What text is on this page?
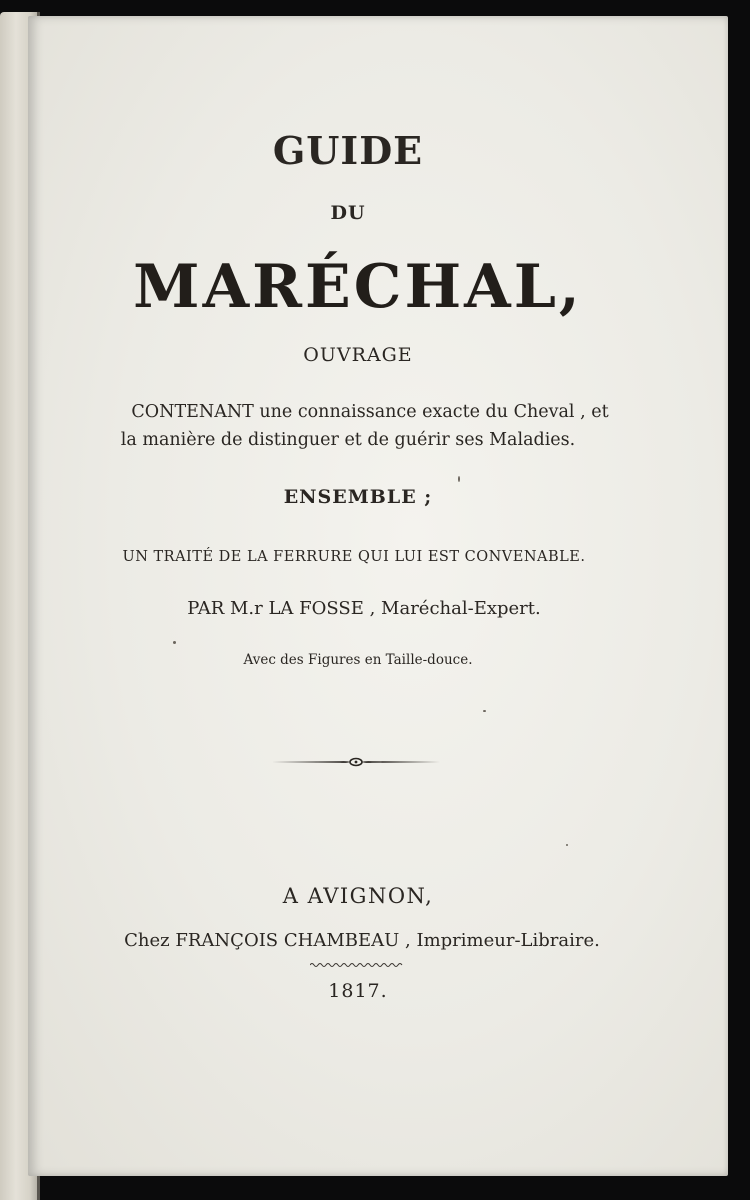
GUIDE
DU
MARÉCHAL,
OUVRAGE
CONTENANT une connaissance exacte du Cheval , et
la manière de distinguer et de guérir ses Maladies.
ENSEMBLE ;
UN TRAITÉ DE LA FERRURE QUI LUI EST CONVENABLE.
PAR M.r LA FOSSE , Maréchal-Expert.
Avec des Figures en Taille-douce.
A AVIGNON,
Chez FRANÇOIS CHAMBEAU , Imprimeur-Libraire.
1817.
